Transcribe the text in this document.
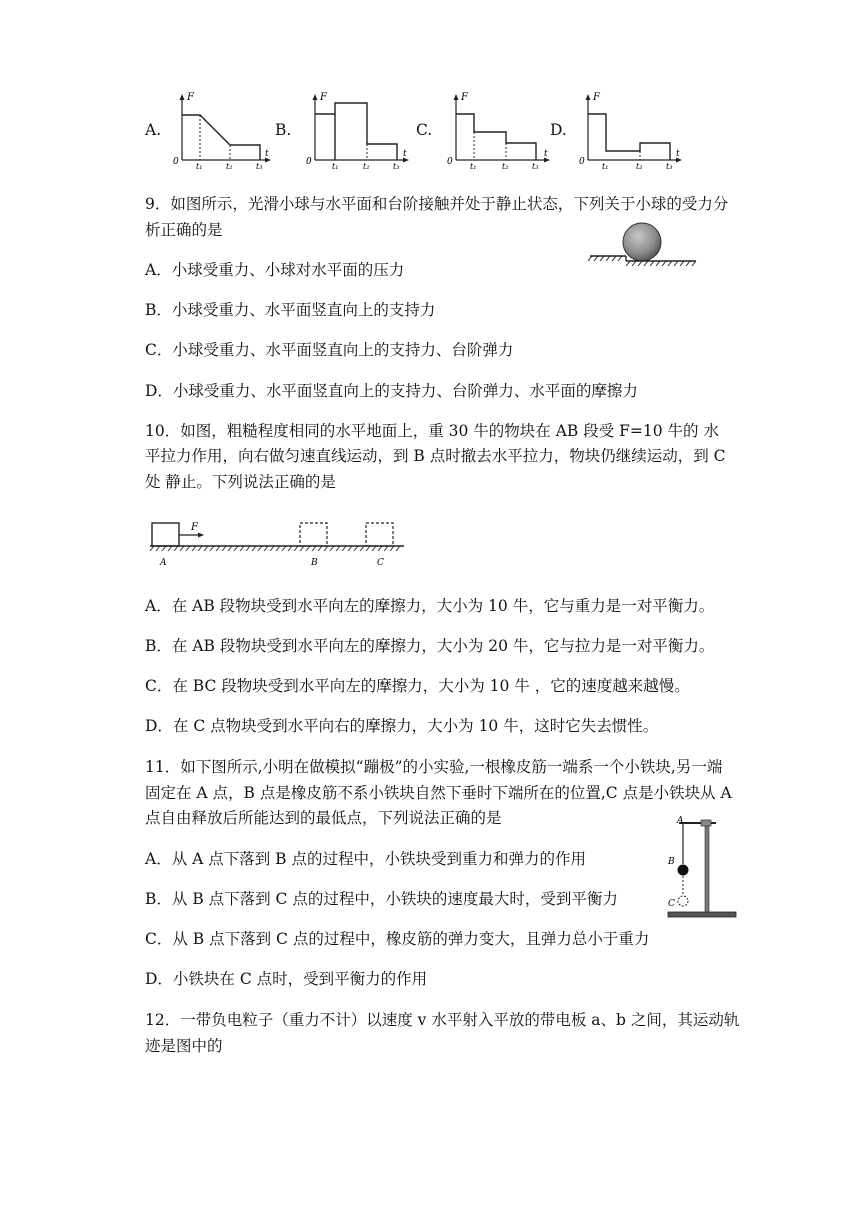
A.	B.	C.	D.
F
t
0 t₁	t₂	t₃
F
t
0	t₁	t₂	t₃
F
t
0 t₁	t₂	t₃
F
t
0 t₁	t₂	t₃
9．如图所示，光滑小球与水平面和台阶接触并处于静止状态，下列关于小球的受力分
析正确的是
A．小球受重力、小球对水平面的压力
B．小球受重力、水平面竖直向上的支持力
C．小球受重力、水平面竖直向上的支持力、台阶弹力
D．小球受重力、水平面竖直向上的支持力、台阶弹力、水平面的摩擦力
10．如图，粗糙程度相同的水平地面上，重 30 牛的物块在 AB 段受 F=10 牛的 水
平拉力作用，向右做匀速直线运动，到 B 点时撤去水平拉力，物块仍继续运动，到 C
处 静止。下列说法正确的是
F
A	B	C
A．在 AB 段物块受到水平向左的摩擦力，大小为 10 牛，它与重力是一对平衡力。
B．在 AB 段物块受到水平向左的摩擦力，大小为 20 牛，它与拉力是一对平衡力。
C．在 BC 段物块受到水平向左的摩擦力，大小为 10 牛 ，它的速度越来越慢。
D．在 C 点物块受到水平向右的摩擦力，大小为 10 牛，这时它失去惯性。
11．如下图所示,小明在做模拟“蹦极”的小实验,一根橡皮筋一端系一个小铁块,另一端
固定在 A 点，B 点是橡皮筋不系小铁块自然下垂时下端所在的位置,C 点是小铁块从 A
点自由释放后所能达到的最低点，下列说法正确的是	A
B
C
A．从 A 点下落到 B 点的过程中，小铁块受到重力和弹力的作用
B．从 B 点下落到 C 点的过程中，小铁块的速度最大时，受到平衡力
C．从 B 点下落到 C 点的过程中，橡皮筋的弹力变大，且弹力总小于重力
D．小铁块在 C 点时，受到平衡力的作用
12．一带负电粒子（重力不计）以速度 v 水平射入平放的带电板 a、b 之间，其运动轨
迹是图中的
